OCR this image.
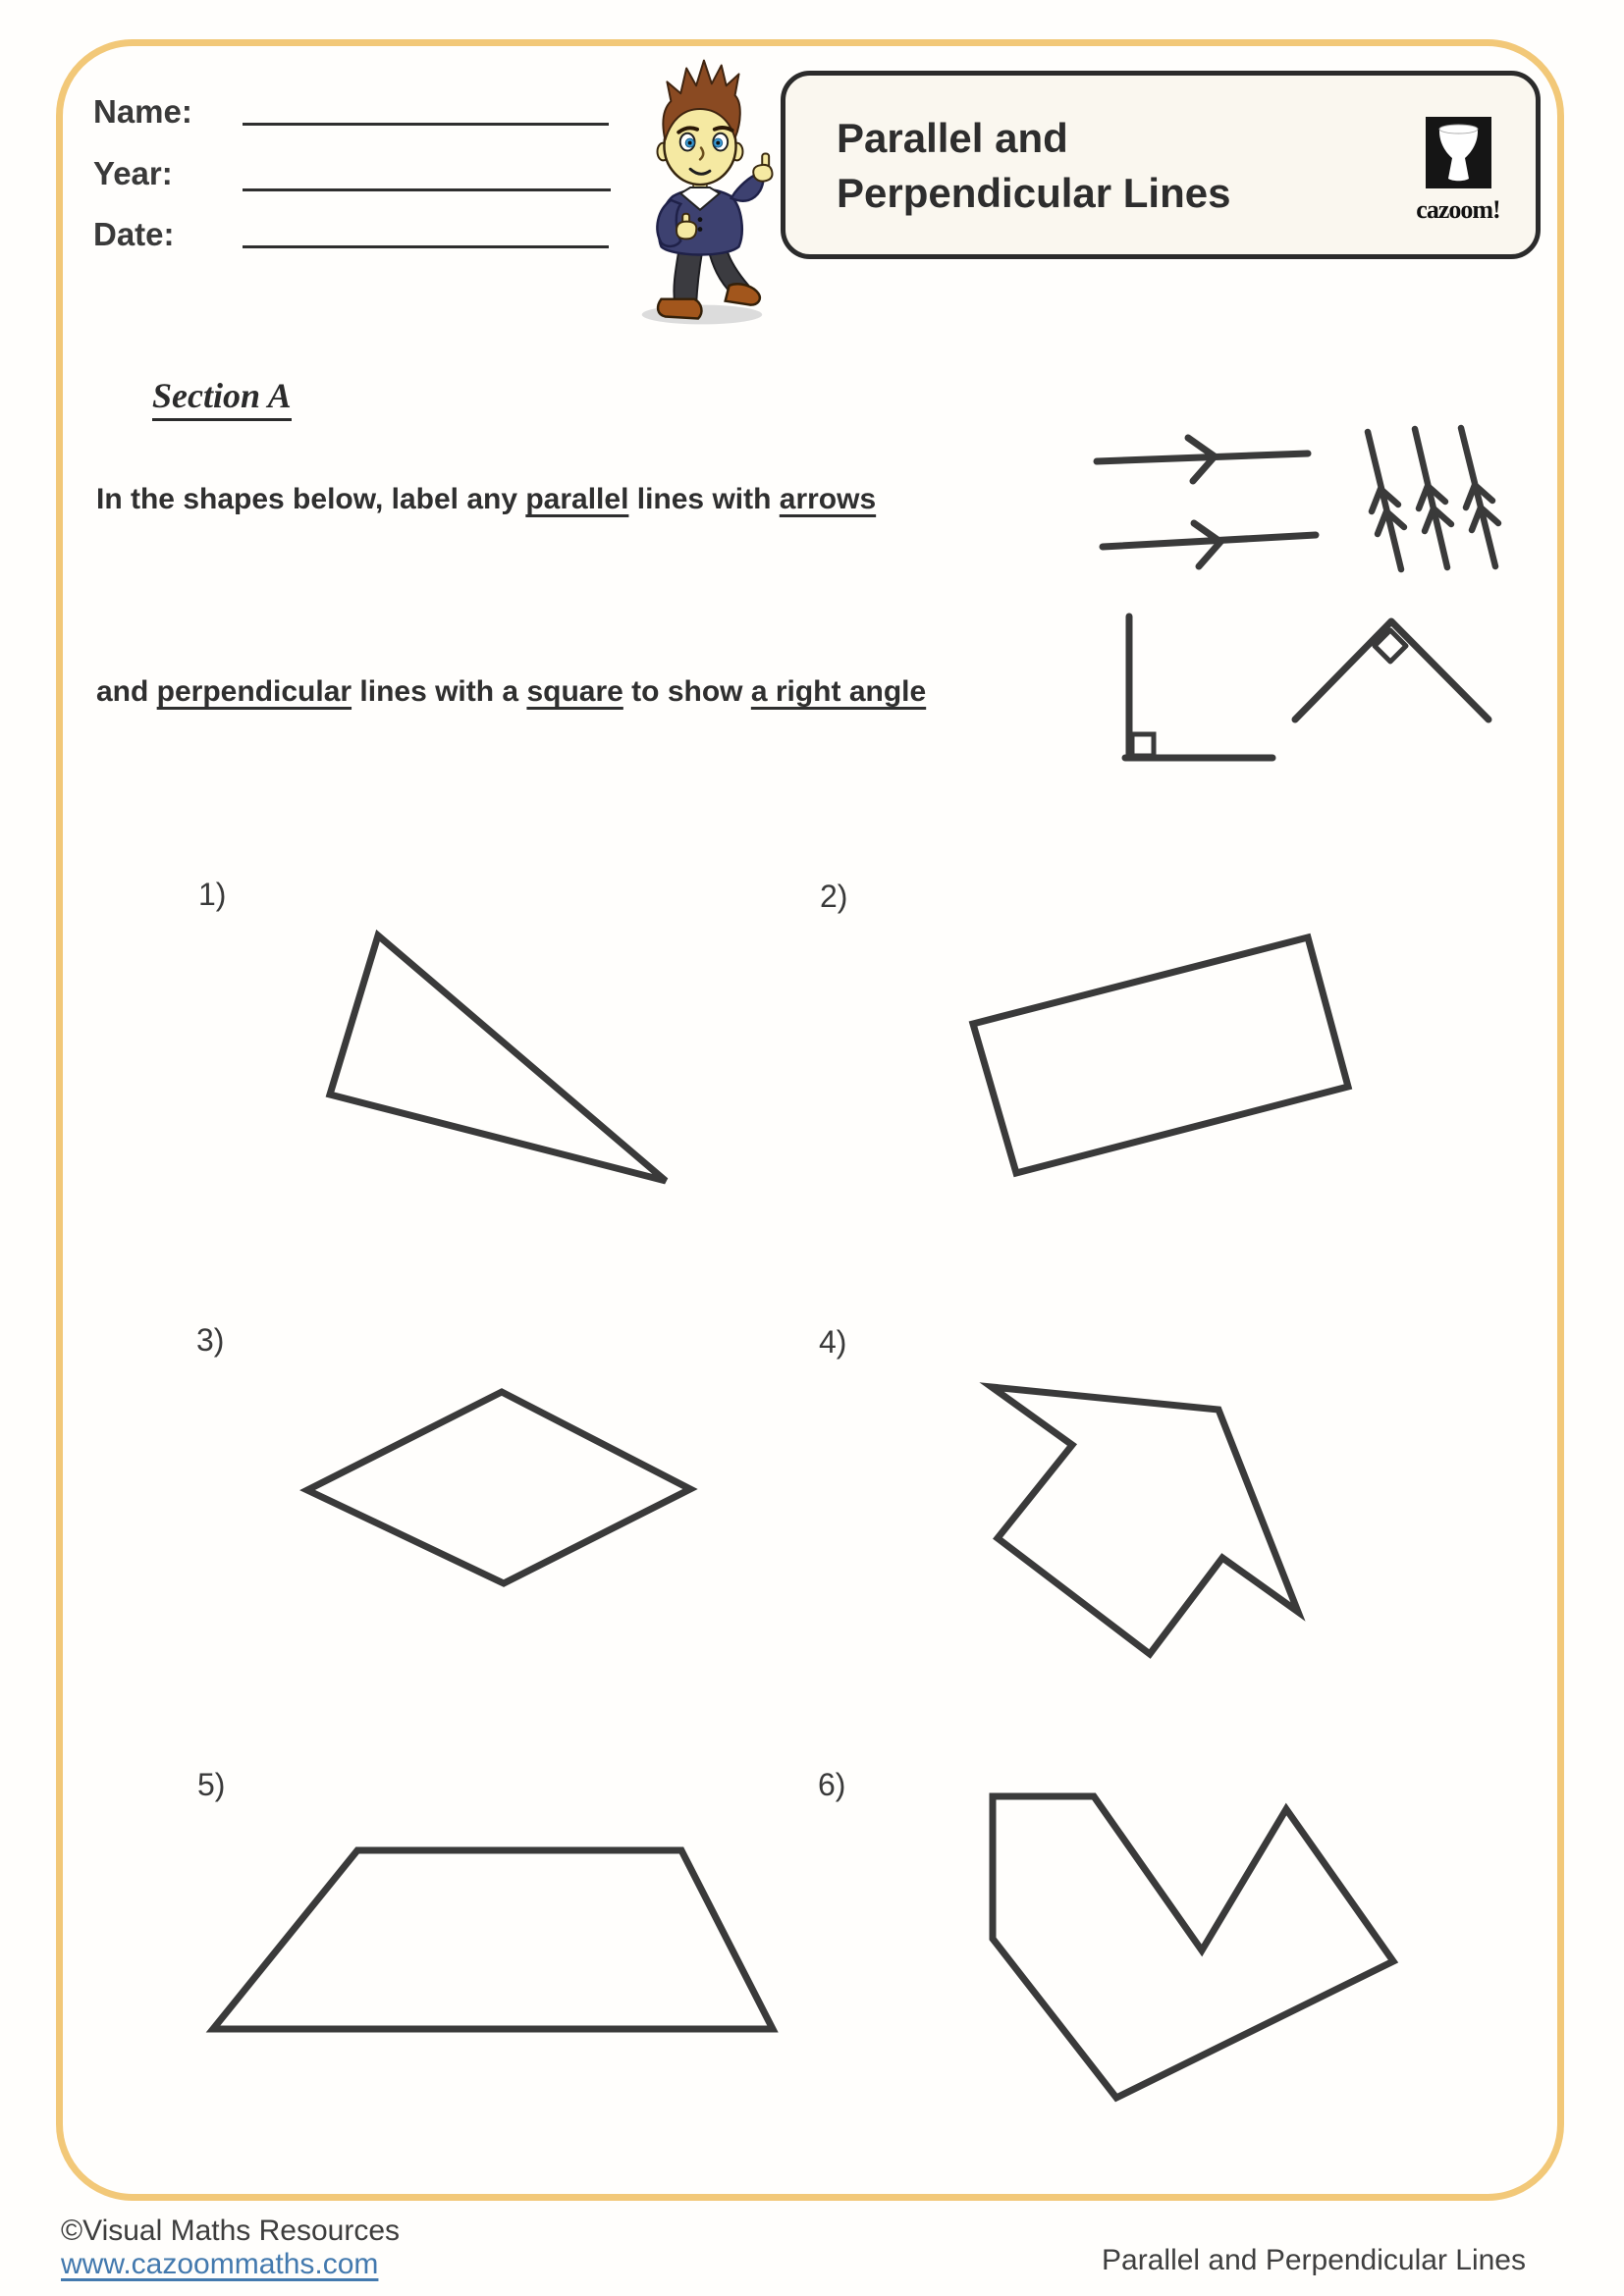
Name:
Year:
Date:
Parallel and
Perpendicular Lines	cazoom!
Section A
In the shapes below, label any parallel lines with arrows
and perpendicular lines with a square to show a right angle
1)	2)
3)	4)
5)	6)
©Visual Maths Resources
www.cazoommaths.com	Parallel and Perpendicular Lines
